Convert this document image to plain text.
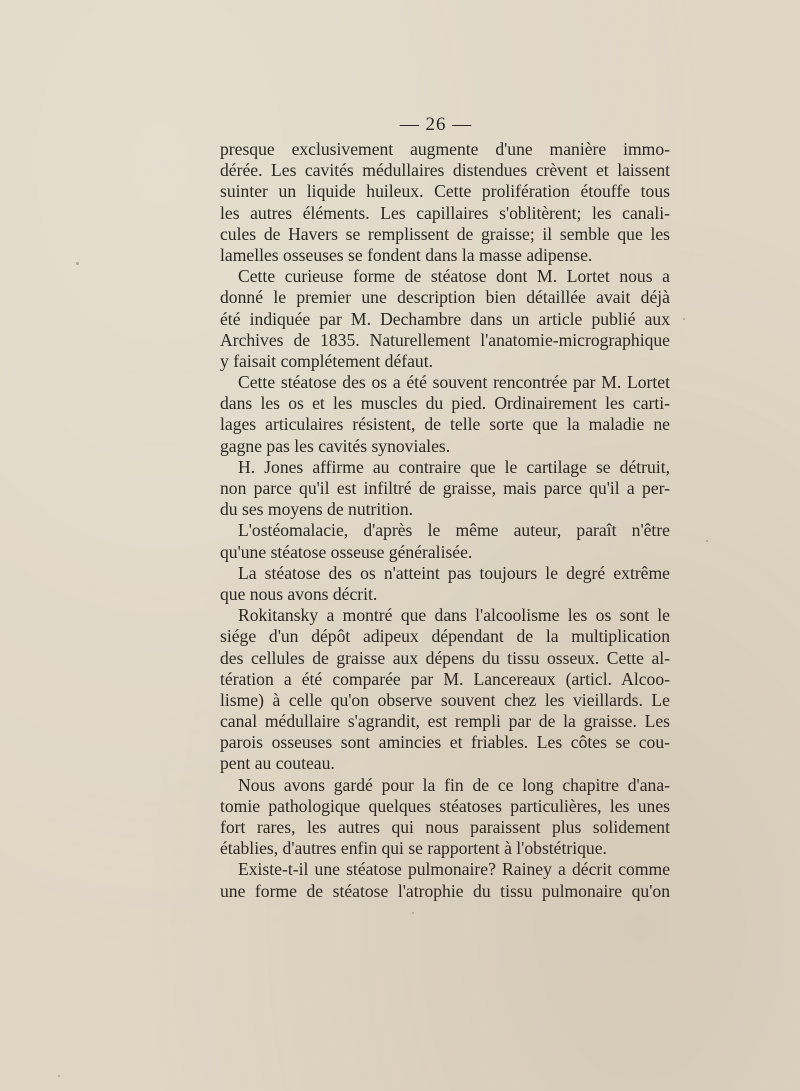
— 26 —
presque exclusivement augmente d'une manière immo-
dérée. Les cavités médullaires distendues crèvent et laissent
suinter un liquide huileux. Cette prolifération étouffe tous
les autres éléments. Les capillaires s'oblitèrent; les canali-
cules de Havers se remplissent de graisse; il semble que les
lamelles osseuses se fondent dans la masse adipense.
Cette curieuse forme de stéatose dont M. Lortet nous a
donné le premier une description bien détaillée avait déjà
été indiquée par M. Dechambre dans un article publié aux
Archives de 1835. Naturellement l'anatomie-micrographique
y faisait complétement défaut.
Cette stéatose des os a été souvent rencontrée par M. Lortet
dans les os et les muscles du pied. Ordinairement les carti-
lages articulaires résistent, de telle sorte que la maladie ne
gagne pas les cavités synoviales.
H. Jones affirme au contraire que le cartilage se détruit,
non parce qu'il est infiltré de graisse, mais parce qu'il a per-
du ses moyens de nutrition.
L'ostéomalacie, d'après le même auteur, paraît n'être
qu'une stéatose osseuse généralisée.
La stéatose des os n'atteint pas toujours le degré extrême
que nous avons décrit.
Rokitansky a montré que dans l'alcoolisme les os sont le
siége d'un dépôt adipeux dépendant de la multiplication
des cellules de graisse aux dépens du tissu osseux. Cette al-
tération a été comparée par M. Lancereaux (articl. Alcoo-
lisme) à celle qu'on observe souvent chez les vieillards. Le
canal médullaire s'agrandit, est rempli par de la graisse. Les
parois osseuses sont amincies et friables. Les côtes se cou-
pent au couteau.
Nous avons gardé pour la fin de ce long chapitre d'ana-
tomie pathologique quelques stéatoses particulières, les unes
fort rares, les autres qui nous paraissent plus solidement
établies, d'autres enfin qui se rapportent à l'obstétrique.
Existe-t-il une stéatose pulmonaire? Rainey a décrit comme
une forme de stéatose l'atrophie du tissu pulmonaire qu'on
